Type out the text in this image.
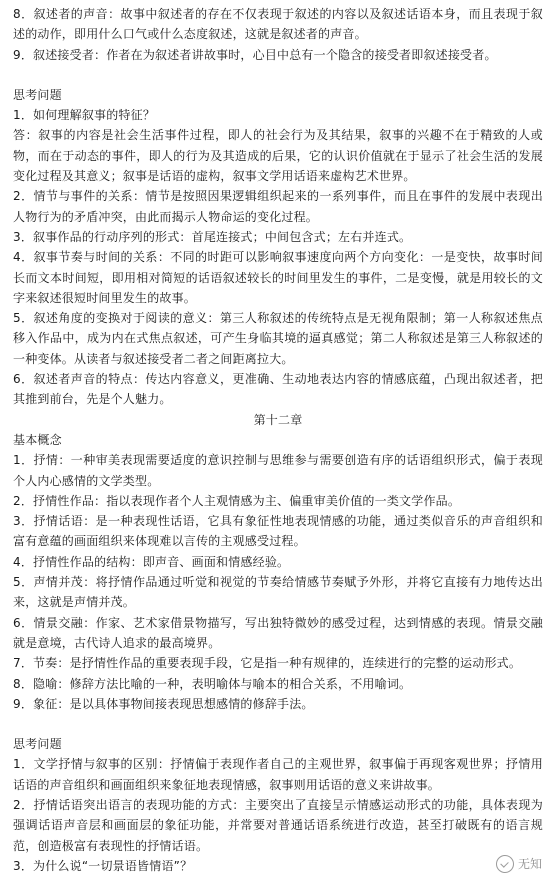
8．叙述者的声音：故事中叙述者的存在不仅表现于叙述的内容以及叙述话语本身，而且表现于叙述的动作，即用什么口气或什么态度叙述，这就是叙述者的声音。

9．叙述接受者：作者在为叙述者讲故事时，心目中总有一个隐含的接受者即叙述接受者。

思考问题

1．如何理解叙事的特征？

答：叙事的内容是社会生活事件过程，即人的社会行为及其结果，叙事的兴趣不在于精致的人或物，而在于动态的事件，即人的行为及其造成的后果，它的认识价值就在于显示了社会生活的发展变化过程及其意义；叙事是话语的虚构，叙事文学用话语来虚构艺术世界。

2．情节与事件的关系：情节是按照因果逻辑组织起来的一系列事件，而且在事件的发展中表现出人物行为的矛盾冲突，由此而揭示人物命运的变化过程。

3．叙事作品的行动序列的形式：首尾连接式；中间包含式；左右并连式。

4．叙事节奏与时间的关系：不同的时距可以影响叙事速度向两个方向变化：一是变快，故事时间长而文本时间短，即用相对简短的话语叙述较长的时间里发生的事件，二是变慢，就是用较长的文字来叙述很短时间里发生的故事。

5．叙述角度的变换对于阅读的意义：第三人称叙述的传统特点是无视角限制；第一人称叙述焦点移入作品中，成为内在式焦点叙述，可产生身临其境的逼真感觉；第二人称叙述是第三人称叙述的一种变体。从读者与叙述接受者二者之间距离拉大。

6．叙述者声音的特点：传达内容意义，更准确、生动地表达内容的情感底蕴，凸现出叙述者，把其推到前台，先是个人魅力。

第十二章

基本概念

1．抒情：一种审美表现需要适度的意识控制与思维参与需要创造有序的话语组织形式，偏于表现个人内心感情的文学类型。

2．抒情性作品：指以表现作者个人主观情感为主、偏重审美价值的一类文学作品。

3．抒情话语：是一种表现性话语，它具有象征性地表现情感的功能，通过类似音乐的声音组织和富有意蕴的画面组织来体现难以言传的主观感受过程。

4．抒情性作品的结构：即声音、画面和情感经验。

5．声情并茂：将抒情作品通过听觉和视觉的节奏给情感节奏赋予外形，并将它直接有力地传达出来，这就是声情并茂。

6．情景交融：作家、艺术家借景物描写，写出独特微妙的感受过程，达到情感的表现。情景交融就是意境，古代诗人追求的最高境界。

7．节奏：是抒情性作品的重要表现手段，它是指一种有规律的，连续进行的完整的运动形式。

8．隐喻：修辞方法比喻的一种，表明喻体与喻本的相合关系，不用喻词。

9．象征：是以具体事物间接表现思想感情的修辞手法。

思考问题

1．文学抒情与叙事的区别：抒情偏于表现作者自己的主观世界，叙事偏于再现客观世界；抒情用话语的声音组织和画面组织来象征地表现情感，叙事则用话语的意义来讲故事。

2．抒情话语突出语言的表现功能的方式：主要突出了直接呈示情感运动形式的功能，具体表现为强调话语声音层和画面层的象征功能，并常要对普通话语系统进行改造，甚至打破既有的语言规范，创造极富有表现性的抒情话语。

3．为什么说“一切景语皆情语”？	无知
